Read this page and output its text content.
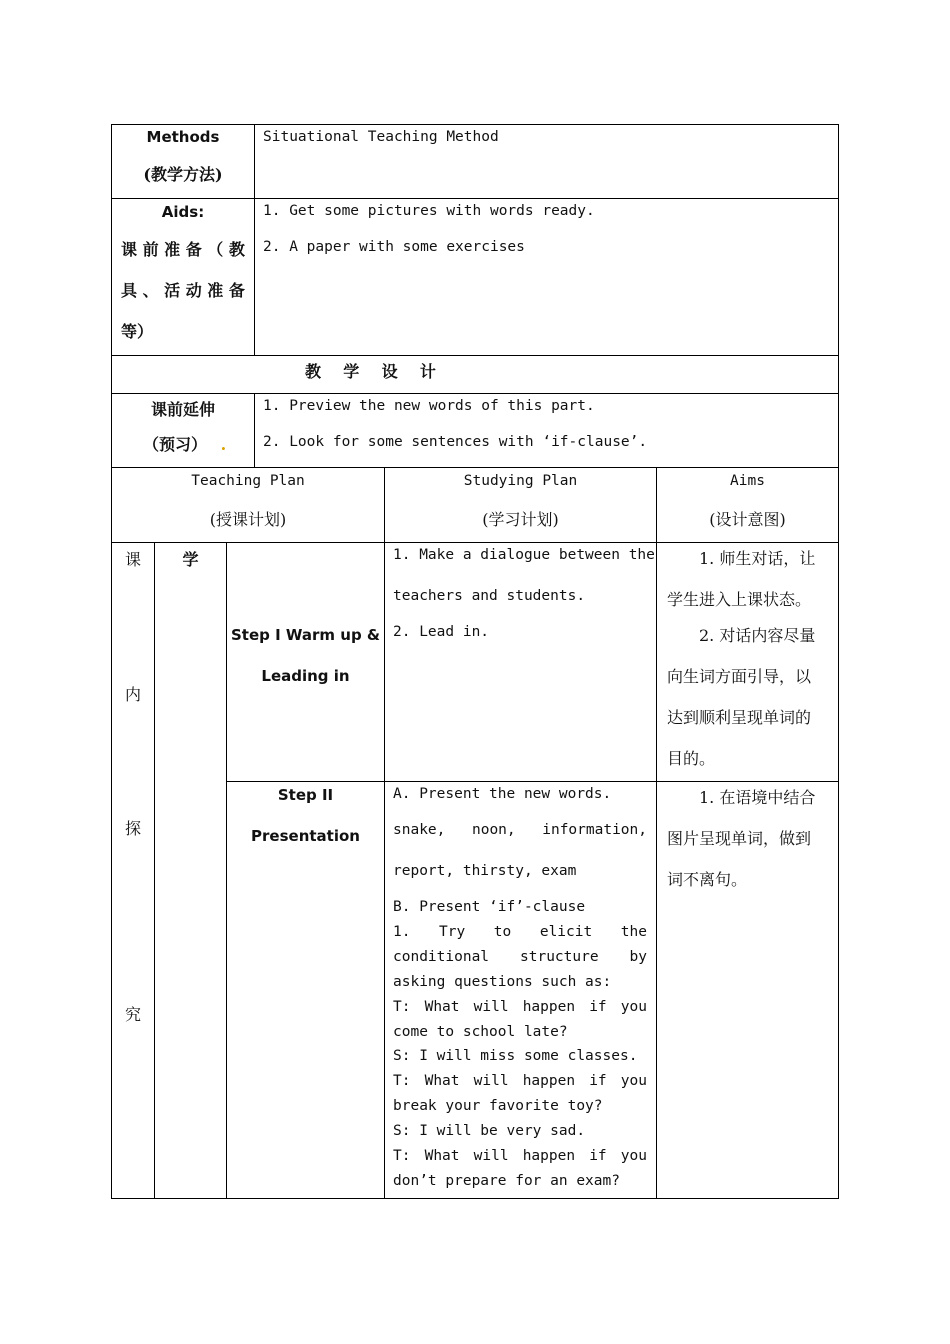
Methods
(教学方法)
Situational Teaching Method
Aids:
课 前 准 备 （ 教
具 、 活 动 准 备
等）
1. Get some pictures with words ready.
2. A paper with some exercises
教    学    设    计
课前延伸
（预习） .
1. Preview the new words of this part.
2. Look for some sentences with ‘if-clause’.
Teaching Plan
(授课计划)
Studying Plan
(学习计划)
Aims
(设计意图)
课
内
探
究
学
Step I Warm up &
Leading in
1. Make a dialogue between the
teachers and students.
2. Lead in.
1. 师生对话，让
学生进入上课状态。
2. 对话内容尽量
向生词方面引导，以
达到顺利呈现单词的
目的。
Step II
Presentation
A. Present the new words.
snake, noon, information,
report, thirsty, exam
B. Present ‘if’-clause
1. Try to elicit the
conditional structure by
asking questions such as:
T: What will happen if you
come to school late?
S: I will miss some classes.
T: What will happen if you
break your favorite toy?
S: I will be very sad.
T: What will happen if you
don’t prepare for an exam?
1. 在语境中结合
图片呈现单词，做到
词不离句。
